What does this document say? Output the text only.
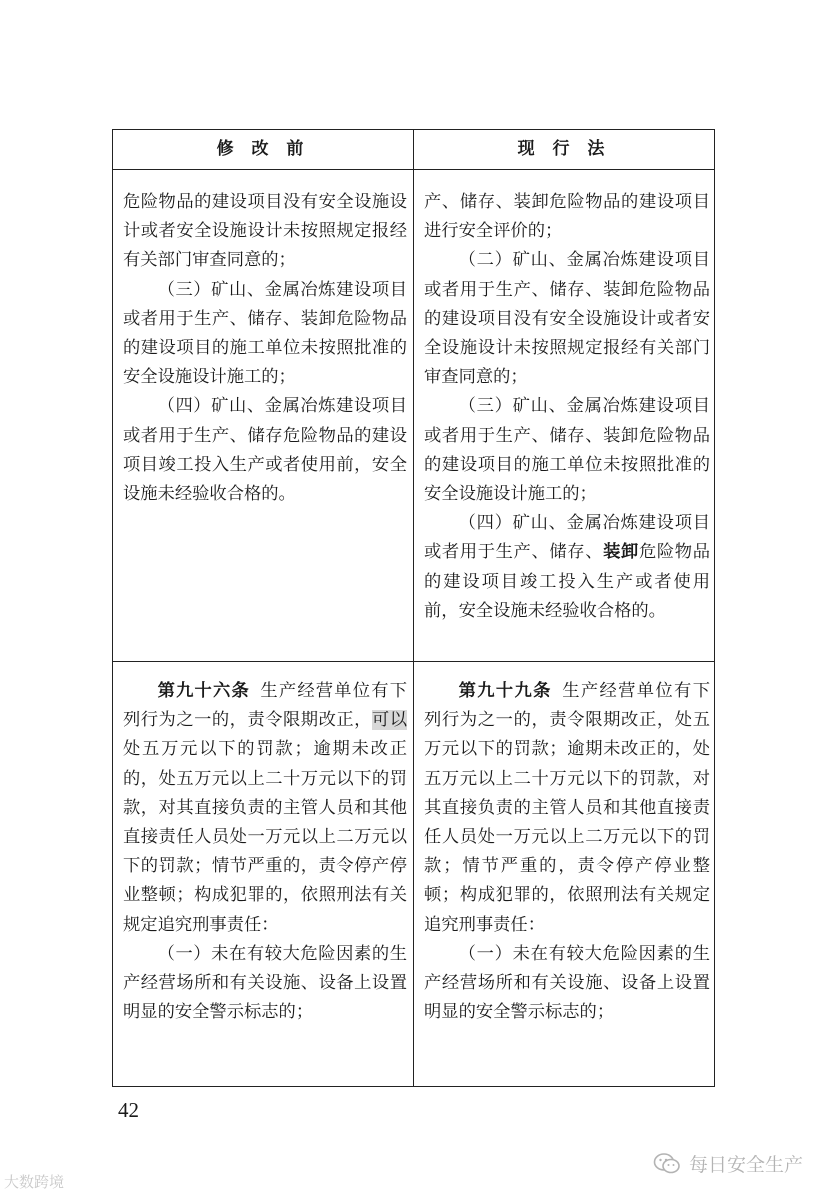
修 改 前	现 行 法

危险物品的建设项目没有安全设施设计或者安全设施设计未按照规定报经有关部门审查同意的；

（三）矿山、金属冶炼建设项目或者用于生产、储存、装卸危险物品的建设项目的施工单位未按照批准的安全设施设计施工的；

（四）矿山、金属冶炼建设项目或者用于生产、储存危险物品的建设项目竣工投入生产或者使用前，安全设施未经验收合格的。

产、储存、装卸危险物品的建设项目进行安全评价的；

（二）矿山、金属冶炼建设项目或者用于生产、储存、装卸危险物品的建设项目没有安全设施设计或者安全设施设计未按照规定报经有关部门审查同意的；

（三）矿山、金属冶炼建设项目或者用于生产、储存、装卸危险物品的建设项目的施工单位未按照批准的安全设施设计施工的；

（四）矿山、金属冶炼建设项目或者用于生产、储存、装卸危险物品的建设项目竣工投入生产或者使用前，安全设施未经验收合格的。

第九十六条 生产经营单位有下列行为之一的，责令限期改正，可以处五万元以下的罚款；逾期未改正的，处五万元以上二十万元以下的罚款，对其直接负责的主管人员和其他直接责任人员处一万元以上二万元以下的罚款；情节严重的，责令停产停业整顿；构成犯罪的，依照刑法有关规定追究刑事责任：

（一）未在有较大危险因素的生产经营场所和有关设施、设备上设置明显的安全警示标志的；

第九十九条 生产经营单位有下列行为之一的，责令限期改正，处五万元以下的罚款；逾期未改正的，处五万元以上二十万元以下的罚款，对其直接负责的主管人员和其他直接责任人员处一万元以上二万元以下的罚款；情节严重的，责令停产停业整顿；构成犯罪的，依照刑法有关规定追究刑事责任：

（一）未在有较大危险因素的生产经营场所和有关设施、设备上设置明显的安全警示标志的；

42
大数跨境
每日安全生产
